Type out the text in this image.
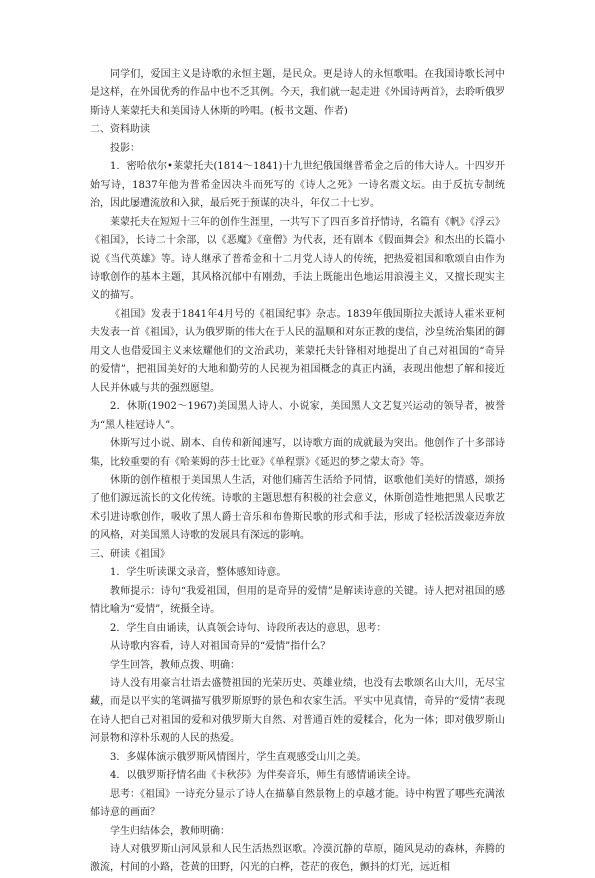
同学们，爱国主义是诗歌的永恒主题，是民众。更是诗人的永恒歌唱。在我国诗歌长河中是这样，在外国优秀的作品中也不乏其例。今天，我们就一起走进《外国诗两首》，去聆听俄罗斯诗人莱蒙托夫和美国诗人休斯的吟唱。(板书文题、作者)

二、资料助读

投影：

1．密哈依尔•莱蒙托夫(1814～1841)十九世纪俄国继普希金之后的伟大诗人。十四岁开始写诗，1837年他为普希金因决斗而死写的《诗人之死》一诗名震文坛。由于反抗专制统治，因此屡遭流放和入狱，最后死于预谋的决斗，年仅二十七岁。

莱蒙托夫在短短十三年的创作生涯里，一共写下了四百多首抒情诗，名篇有《帆》《浮云》《祖国》，长诗二十余部，以《恶魔》《童僧》为代表，还有剧本《假面舞会》和杰出的长篇小说《当代英雄》等。诗人继承了普希金和十二月党人诗人的传统，把热爱祖国和歌颂自由作为诗歌创作的基本主题，其风格沉郁中有刚劲，手法上既能出色地运用浪漫主义，又擅长现实主义的描写。

《祖国》发表于1841年4月号的《祖国纪事》杂志。1839年俄国斯拉夫派诗人霍米亚柯夫发表一首《祖国》，认为俄罗斯的伟大在于人民的温顺和对东正教的虔信，沙皇统治集团的御用文人也借爱国主义来炫耀他们的文治武功，莱蒙托夫针锋相对地提出了自己对祖国的“奇异的爱情”，把祖国美好的大地和勤劳的人民视为祖国概念的真正内涵，表现出他想了解和接近人民并休戚与共的强烈愿望。

2．休斯(1902～1967)美国黑人诗人、小说家，美国黑人文艺复兴运动的领导者，被誉为“黑人桂冠诗人”。

休斯写过小说、剧本、自传和新闻速写，以诗歌方面的成就最为突出。他创作了十多部诗集，比较重要的有《哈莱姆的莎士比亚》《单程票》《延迟的梦之蒙太奇》等。

休斯的创作植根于美国黑人生活，对他们痛苦生活给予同情，讴歌他们美好的情感，颂扬了他们源远流长的文化传统。诗歌的主题思想有积极的社会意义，休斯创造性地把黑人民歌艺术引进诗歌创作，吸收了黑人爵士音乐和布鲁斯民歌的形式和手法，形成了轻松活泼豪迈奔放的风格，对美国黑人诗歌的发展具有深远的影响。

三、研读《祖国》

1．学生听读课文录音，整体感知诗意。

教师提示：诗句“我爱祖国，但用的是奇异的爱情”是解读诗意的关键。诗人把对祖国的感情比喻为“爱情”，统摄全诗。

2．学生自由诵读，认真领会诗句、诗段所表达的意思，思考：

从诗歌内容看，诗人对祖国奇异的“爱情”指什么？

学生回答，教师点拨、明确：

诗人没有用豪言壮语去盛赞祖国的光荣历史、英雄业绩，也没有去歌颂名山大川，无尽宝藏，而是以平实的笔调描写俄罗斯原野的景色和农家生活。平实中见真情，奇异的“爱情”表现在诗人把自己对祖国的爱和对俄罗斯大自然、对普通百姓的爱糅合，化为一体；即对俄罗斯山河景物和淳朴乐观的人民的热爱。

3．多媒体演示俄罗斯风情图片，学生直观感受山川之美。

4．以俄罗斯抒情名曲《卡秋莎》为伴奏音乐，师生有感情诵读全诗。

思考：《祖国》一诗充分显示了诗人在描摹自然景物上的卓越才能。诗中构置了哪些充满浓郁诗意的画面？

学生归结体会，教师明确：

诗人对俄罗斯山河风景和人民生活热烈讴歌。冷漠沉静的草原，随风晃动的森林，奔腾的激流，村间的小路，苍黄的田野，闪光的白桦，苍茫的夜色，颤抖的灯光，远近相
